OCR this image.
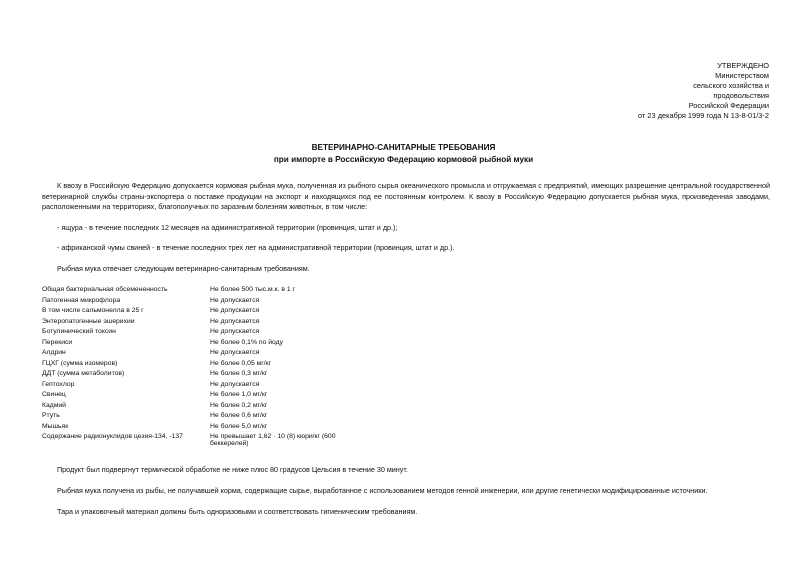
УТВЕРЖДЕНО
Министерством
сельского хозяйства и
продовольствия
Российской Федерации
от 23 декабря 1999 года N 13-8-01/3-2
ВЕТЕРИНАРНО-САНИТАРНЫЕ ТРЕБОВАНИЯ
при импорте в Российскую Федерацию кормовой рыбной муки
К ввозу в Российскую Федерацию допускается кормовая рыбная мука, полученная из рыбного сырья океанического промысла и отгружаемая с предприятий, имеющих разрешение центральной государственной ветеринарной службы страны-экспортера о поставке продукции на экспорт и находящихся под ее постоянным контролем. К ввозу в Российскую Федерацию допускается рыбная мука, произведенная заводами, расположенными на территориях, благополучных по заразным болезням животных, в том числе:
- ящура - в течение последних 12 месяцев на административной территории (провинция, штат и др.);
- африканской чумы свиней - в течение последних трех лет на административной территории (провинция, штат и др.).
Рыбная мука отвечает следующим ветеринарно-санитарным требованиям.
Общая бактериальная обсемененность	Не более 500 тыс.м.к. в 1 г
Патогенная микрофлора	Не допускается
В том числе сальмонелла в 25 г	Не допускается
Энтеропатогенные эшерихии	Не допускается
Ботулинический токсин	Не допускается
Перекиси	Не более 0,1% по йоду
Алдрин	Не допускается
ГЦХГ (сумма изомеров)	Не более 0,05 мг/кг
ДДТ (сумма метаболитов)	Не более 0,3 мг/кг
Гептохлор	Не допускается
Свинец	Не более 1,0 мг/кг
Кадмий	Не более 0,2 мг/кг
Ртуть	Не более 0,6 мг/кг
Мышьяк	Не более 5,0 мг/кг
Содержание радионуклидов цезия-134, -137	Не превышает 1,62 · 10 (8) кюри/кг (600 беккерелей)
Продукт был подвергнут термической обработке не ниже плюс 80 градусов Цельсия в течение 30 минут.
Рыбная мука получена из рыбы, не получавшей корма, содержащие сырье, выработанное с использованием методов генной инженерии, или другие генетически модифицированные источники.
Тара и упаковочный материал должны быть одноразовыми и соответствовать гигиеническим требованиям.
